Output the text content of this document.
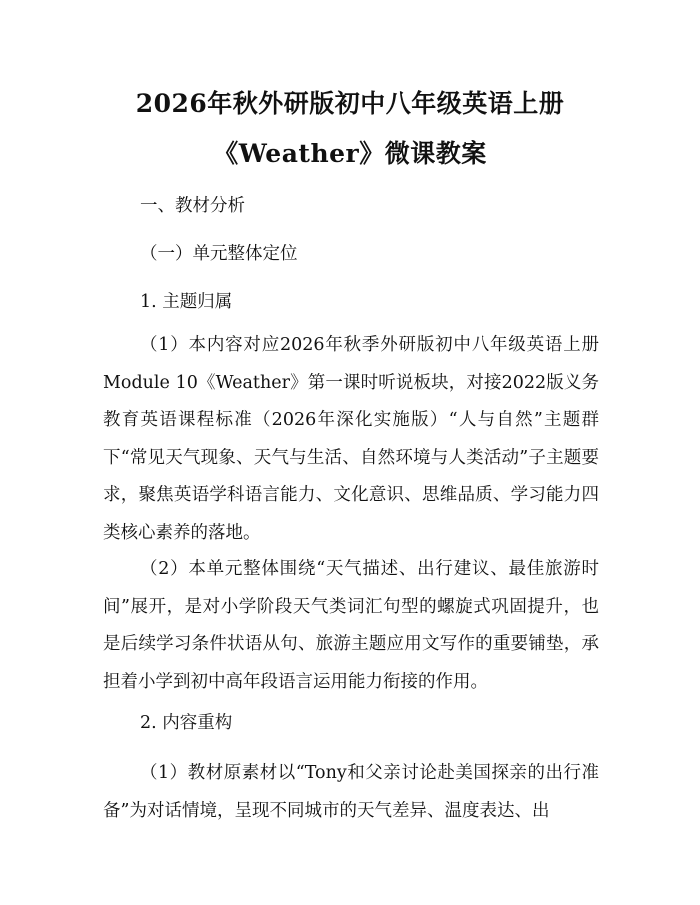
2026年秋外研版初中八年级英语上册
《Weather》微课教案
一、教材分析
（一）单元整体定位
1. 主题归属
（1）本内容对应2026年秋季外研版初中八年级英语上册Module 10《Weather》第一课时听说板块，对接2022版义务教育英语课程标准（2026年深化实施版）“人与自然”主题群下“常见天气现象、天气与生活、自然环境与人类活动”子主题要求，聚焦英语学科语言能力、文化意识、思维品质、学习能力四类核心素养的落地。
（2）本单元整体围绕“天气描述、出行建议、最佳旅游时间”展开，是对小学阶段天气类词汇句型的螺旋式巩固提升，也是后续学习条件状语从句、旅游主题应用文写作的重要铺垫，承担着小学到初中高年段语言运用能力衔接的作用。
2. 内容重构
（1）教材原素材以“Tony和父亲讨论赴美国探亲的出行准备”为对话情境，呈现不同城市的天气差异、温度表达、出
